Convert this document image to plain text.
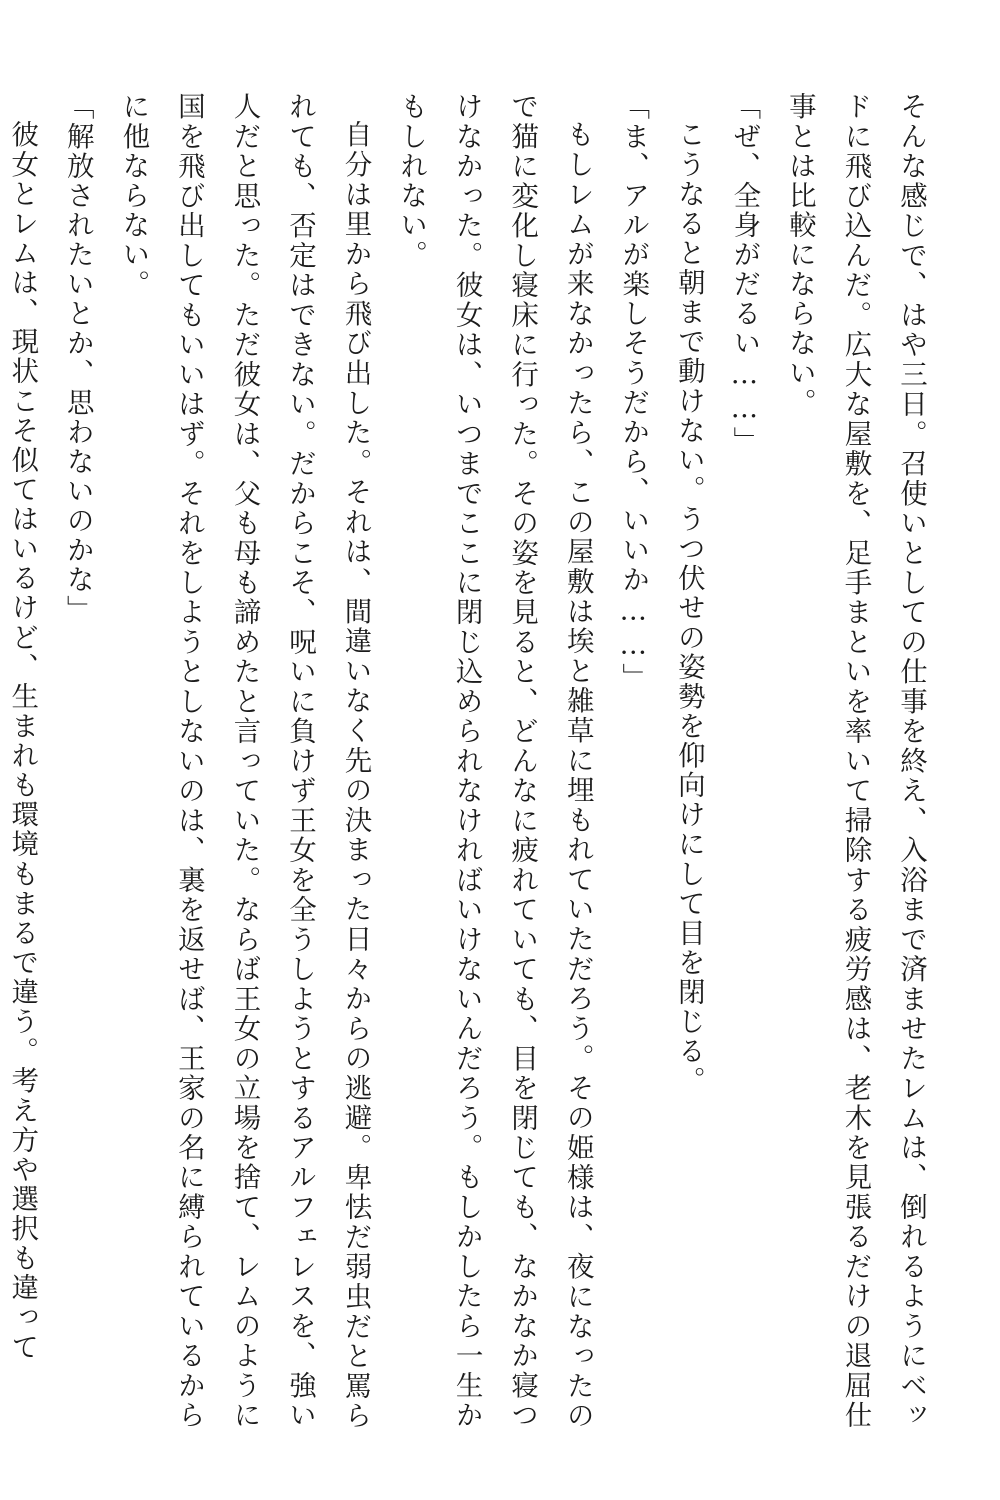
そんな感じで、はや三日。召使いとしての仕事を終え、入浴まで済ませたレムは、倒れるようにベッドに飛び込んだ。広大な屋敷を、足手まといを率いて掃除する疲労感は、老木を見張るだけの退屈仕事とは比較にならない。

「ぜ、全身がだるい……」

こうなると朝まで動けない。うつ伏せの姿勢を仰向けにして目を閉じる。

「ま、アルが楽しそうだから、いいか……」

もしレムが来なかったら、この屋敷は埃と雑草に埋もれていただろう。その姫様は、夜になったので猫に変化し寝床に行った。その姿を見ると、どんなに疲れていても、目を閉じても、なかなか寝つけなかった。彼女は、いつまでここに閉じ込められなければいけないんだろう。もしかしたら一生かもしれない。

自分は里から飛び出した。それは、間違いなく先の決まった日々からの逃避。卑怯だ弱虫だと罵られても、否定はできない。だからこそ、呪いに負けず王女を全うしようとするアルフェレスを、強い人だと思った。ただ彼女は、父も母も諦めたと言っていた。ならば王女の立場を捨て、レムのように国を飛び出してもいいはず。それをしようとしないのは、裏を返せば、王家の名に縛られているからに他ならない。

「解放されたいとか、思わないのかな」

彼女とレムは、現状こそ似てはいるけど、生まれも環境もまるで違う。考え方や選択も違って
